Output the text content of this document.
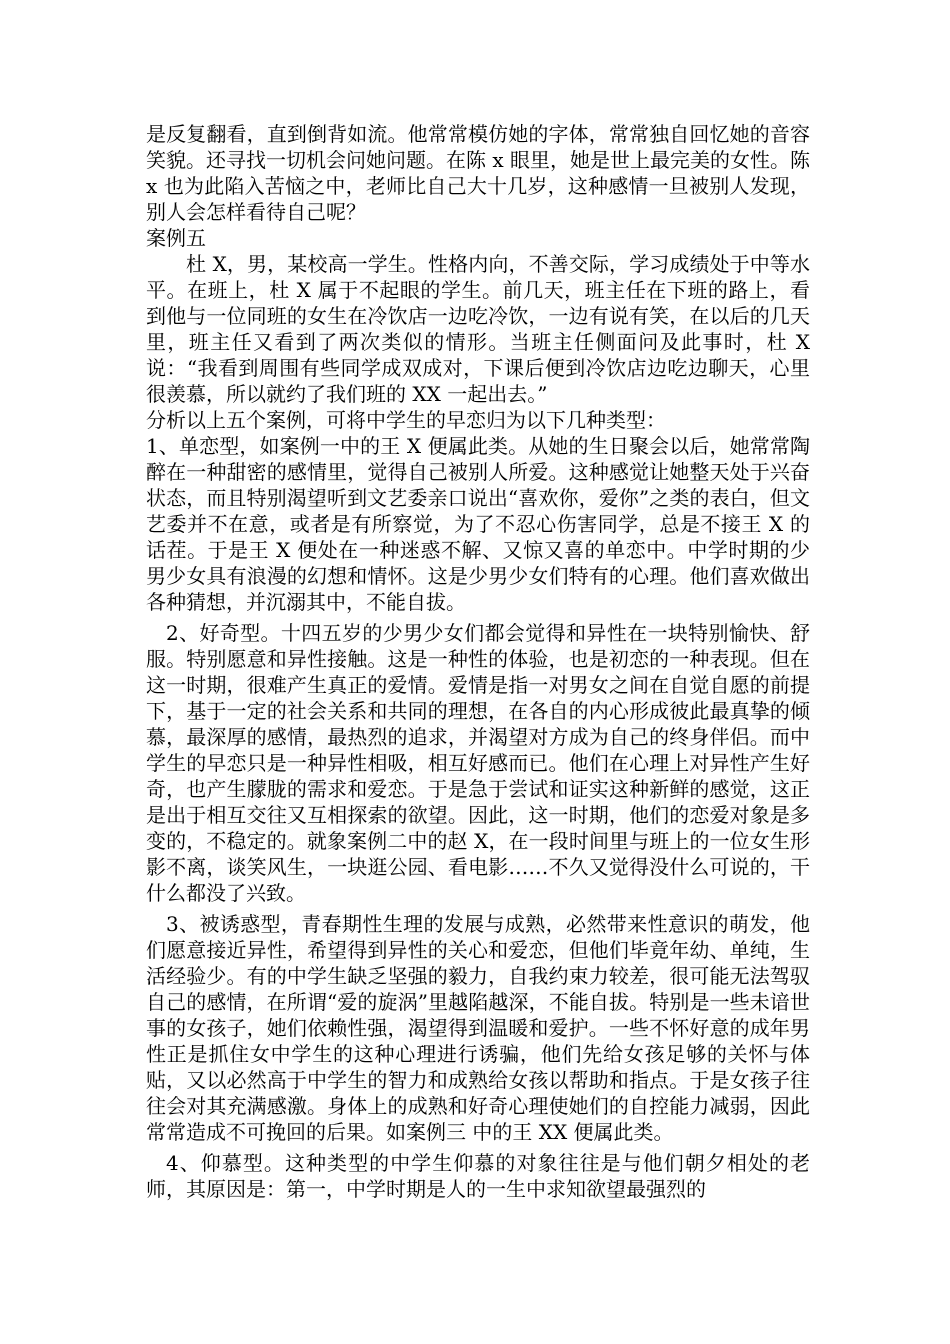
是反复翻看，直到倒背如流。他常常模仿她的字体，常常独自回忆她的音容笑貌。还寻找一切机会问她问题。在陈 x 眼里，她是世上最完美的女性。陈 x 也为此陷入苦恼之中，老师比自己大十几岁，这种感情一旦被别人发现，别人会怎样看待自己呢？

案例五

杜 X，男，某校高一学生。性格内向，不善交际，学习成绩处于中等水平。在班上，杜 X 属于不起眼的学生。前几天，班主任在下班的路上，看到他与一位同班的女生在冷饮店一边吃冷饮，一边有说有笑，在以后的几天里，班主任又看到了两次类似的情形。当班主任侧面问及此事时，杜 X 说：“我看到周围有些同学成双成对，下课后便到冷饮店边吃边聊天，心里很羡慕，所以就约了我们班的 XX 一起出去。”

分析以上五个案例，可将中学生的早恋归为以下几种类型：

1、单恋型，如案例一中的王 X 便属此类。从她的生日聚会以后，她常常陶醉在一种甜密的感情里，觉得自己被别人所爱。这种感觉让她整天处于兴奋状态，而且特别渴望听到文艺委亲口说出“喜欢你，爱你”之类的表白，但文艺委并不在意，或者是有所察觉，为了不忍心伤害同学，总是不接王 X 的话茬。于是王 X 便处在一种迷惑不解、又惊又喜的单恋中。中学时期的少男少女具有浪漫的幻想和情怀。这是少男少女们特有的心理。他们喜欢做出各种猜想，并沉溺其中，不能自拔。

2、好奇型。十四五岁的少男少女们都会觉得和异性在一块特别愉快、舒服。特别愿意和异性接触。这是一种性的体验，也是初恋的一种表现。但在这一时期，很难产生真正的爱情。爱情是指一对男女之间在自觉自愿的前提下，基于一定的社会关系和共同的理想，在各自的内心形成彼此最真挚的倾慕，最深厚的感情，最热烈的追求，并渴望对方成为自己的终身伴侣。而中学生的早恋只是一种异性相吸，相互好感而已。他们在心理上对异性产生好奇，也产生朦胧的需求和爱恋。于是急于尝试和证实这种新鲜的感觉，这正是出于相互交往又互相探索的欲望。因此，这一时期，他们的恋爱对象是多变的，不稳定的。就象案例二中的赵 X，在一段时间里与班上的一位女生形影不离，谈笑风生，一块逛公园、看电影……不久又觉得没什么可说的，干什么都没了兴致。

3、被诱惑型，青春期性生理的发展与成熟，必然带来性意识的萌发，他们愿意接近异性，希望得到异性的关心和爱恋，但他们毕竟年幼、单纯，生活经验少。有的中学生缺乏坚强的毅力，自我约束力较差，很可能无法驾驭自己的感情，在所谓“爱的旋涡”里越陷越深，不能自拔。特别是一些未谙世事的女孩子，她们依赖性强，渴望得到温暖和爱护。一些不怀好意的成年男性正是抓住女中学生的这种心理进行诱骗，他们先给女孩足够的关怀与体贴，又以必然高于中学生的智力和成熟给女孩以帮助和指点。于是女孩子往往会对其充满感激。身体上的成熟和好奇心理使她们的自控能力减弱，因此常常造成不可挽回的后果。如案例三 中的王 XX 便属此类。

4、仰慕型。这种类型的中学生仰慕的对象往往是与他们朝夕相处的老师，其原因是：第一，中学时期是人的一生中求知欲望最强烈的
